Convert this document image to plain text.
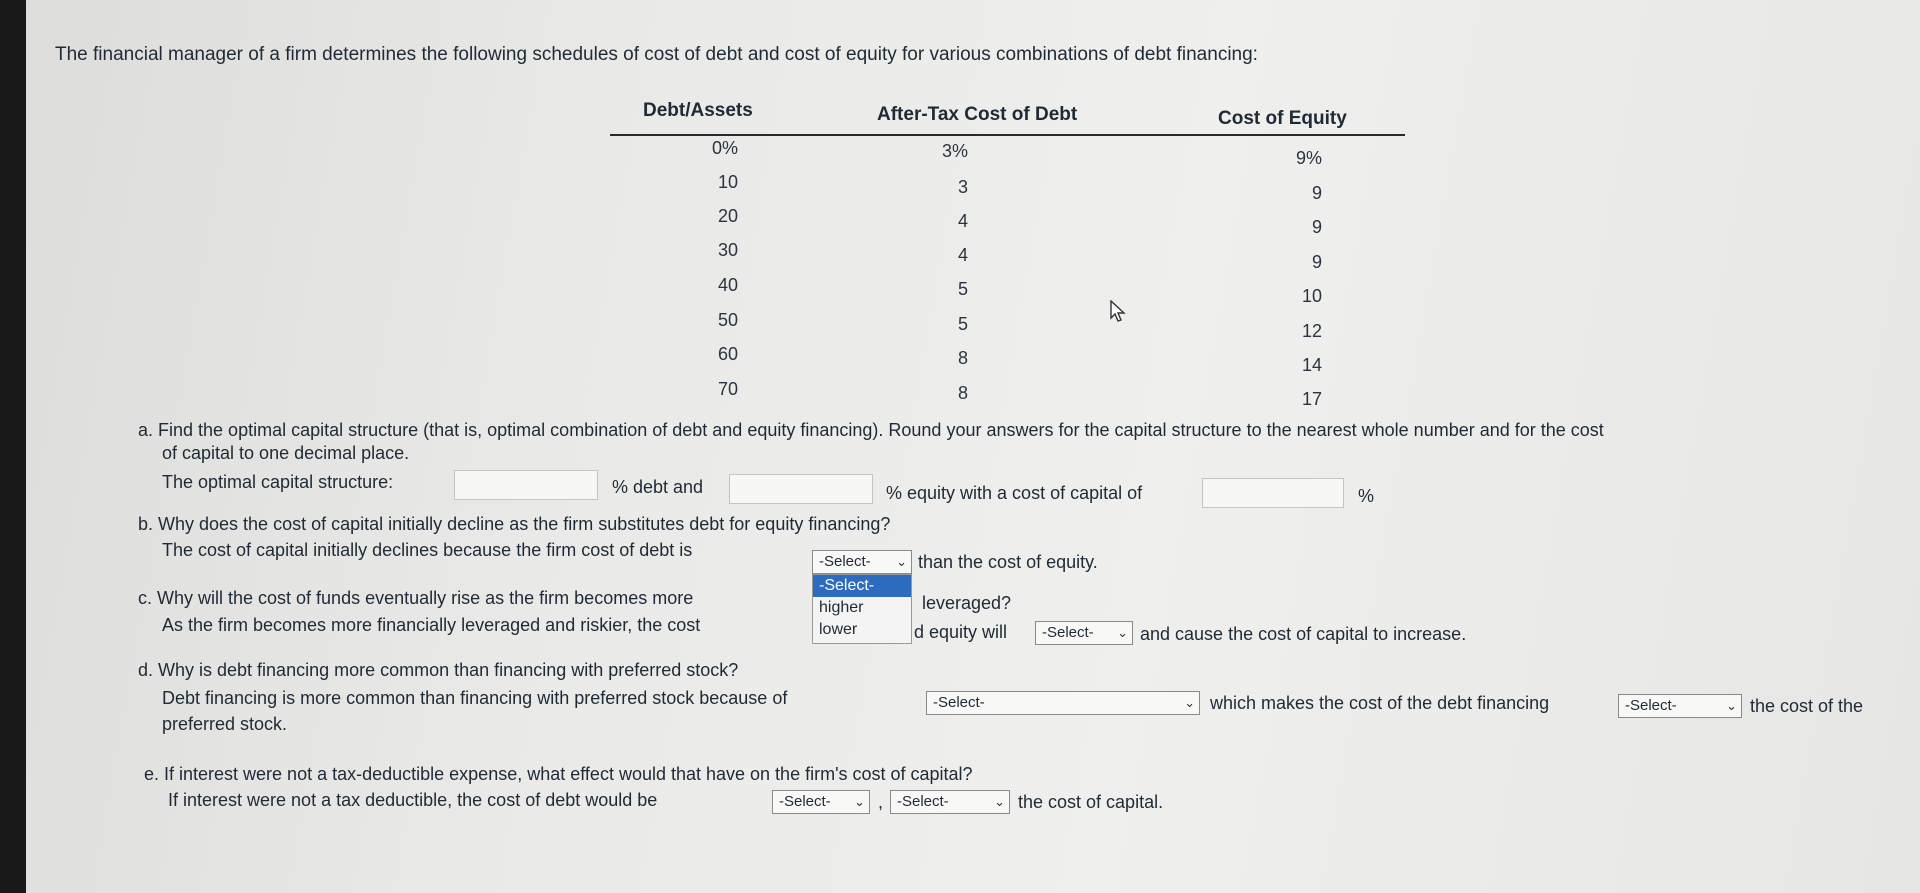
The financial manager of a firm determines the following schedules of cost of debt and cost of equity for various combinations of debt financing:
Debt/Assets	After-Tax Cost of Debt	Cost of Equity
0%	3%	9%
10	3	9
20	4	9
30	4	9
40	5	10
50	5	12
60	8	14
70	8	17
a. Find the optimal capital structure (that is, optimal combination of debt and equity financing). Round your answers for the capital structure to the nearest whole number and for the cost
of capital to one decimal place.
The optimal capital structure:	% debt and	% equity with a cost of capital of	%
b. Why does the cost of capital initially decline as the firm substitutes debt for equity financing?
The cost of capital initially declines because the firm cost of debt is
-Select- ⌄ than the cost of equity.
c. Why will the cost of funds eventually rise as the firm becomes more	leveraged?
As the firm becomes more financially leveraged and riskier, the cost	d equity will	-Select- ⌄ and cause the cost of capital to increase.
-Select-
higher
lower
d. Why is debt financing more common than financing with preferred stock?
Debt financing is more common than financing with preferred stock because of	-Select-	⌄ which makes the cost of the debt financing	-Select-	⌄ the cost of the
preferred stock.
e. If interest were not a tax-deductible expense, what effect would that have on the firm's cost of capital?
If interest were not a tax deductible, the cost of debt would be	-Select- ⌄ , -Select-	⌄ the cost of capital.
